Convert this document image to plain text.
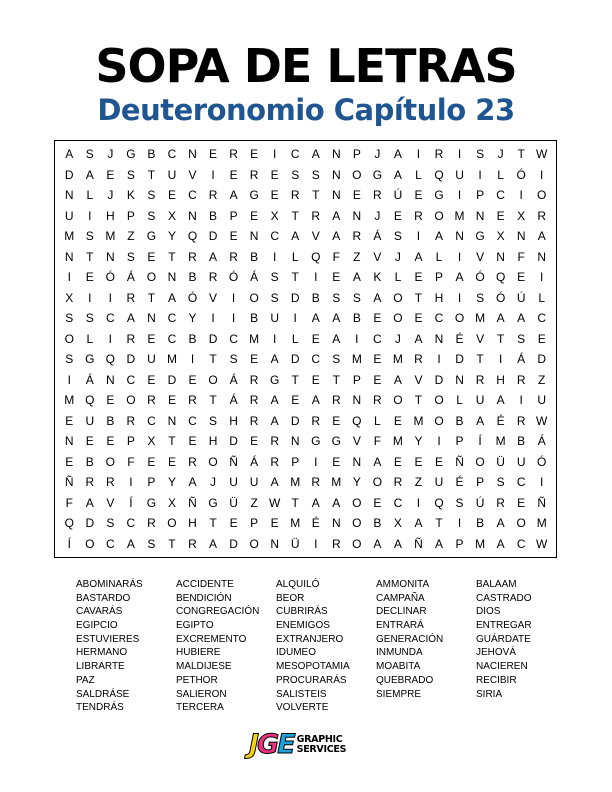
SOPA DE LETRAS
Deuteronomio Capítulo 23
A	S	J	G B	C N	E	R	E	I	C	A	N	P	J	A	I	R	I	S	J	T W
D	A	E	S	T	U	V	I	E	R	E	S	S	N O G A	L	Q U	I	L	Ó	I
N	L	J	K	S	E	C R	A G E	R	T	N	E	R Ú	E G	I	P	C	I	O
U	I	H	P	S	X	N	B	P	E	X	T	R	A	N	J	E	R O M N	E	X	R
M S M Z	G Y Q D	E	N C	A	V	A	R	Á	S	I	A	N G X	N	A
N	T	N	S	E	T	R	A	R	B	I	L	Q	F	Z	V	J	A	L	I	V	N	F	N
I	E Ó Á O N	B	R Ó Á	S	T	I	E	A	K	L	E	P	A Ó Q E	I
X	I	I	R	T	A Ó V	I	O S	D	B	S	S	A O	T	H	I	S Ó Ú	L
S	S	C	A	N C	Y	I	I	B	U	I	A	A	B	E O E	C O M A	A	C
O	L	I	R	E	C	B	D C M	I	L	E	A	I	C	J	A	N	É	V	T	S	E
S G Q D U M	I	T	S	E	A	D C	S M E M R	I	D	T	I	Á	D
I	Á	N C	E	D	E O Á	R G	T	E	T	P	E	A	V	D N R H R	Z
M Q E O R	E	R	T	Á	R	A	E	A	R N R O	T	O	L	U	A	I	U
E	U	B	R C N C	S	H R	A	D R	E Q	L	E M O B	A	É	R W
N	E	E	P	X	T	E	H D	E	R N G G V	F M Y	I	P	Í	M B	Á
E	B O	F	E	E	R O Ñ	Á	R	P	I	E	N	A	E	E	E	Ñ O Ü U Ó
Ñ R R	I	P	Y	A	J	U U	A M R M Y O R	Z	U	É	P	S	C	I
F	A	V	Í	G X	Ñ G Ü	Z W T	A	A O E	C	I	Q S	Ú R	E	Ñ
Q D	S	C R O H	T	E	P	E M É	N O B	X	A	T	I	B	A O M
Í	O C	A	S	T	R	A	D O N Ü	I	R O A	A	Ñ	A	P M A	C W
ABOMINARÁS	ACCIDENTE	ALQUILÓ	AMMONITA	BALAAM
BASTARDO	BENDICIÓN	BEOR	CAMPAÑA	CASTRADO
CAVARÁS	CONGREGACIÓN	CUBRIRÁS	DECLINAR	DIOS
EGIPCIO	EGIPTO	ENEMIGOS	ENTRARÁ	ENTREGAR
ESTUVIERES	EXCREMENTO	EXTRANJERO	GENERACIÓN	GUÁRDATE
HERMANO	HUBIERE	IDUMEO	INMUNDA	JEHOVÁ
LIBRARTE	MALDIJESE	MESOPOTAMIA	MOABITA	NACIEREN
PAZ	PETHOR	PROCURARÁS	QUEBRADO	RECIBIR
SALDRÁSE	SALIERON	SALISTEIS	SIEMPRE	SIRIA
TENDRÁS	TERCERA	VOLVERTE
J G E GRAPHIC
SERVICES
